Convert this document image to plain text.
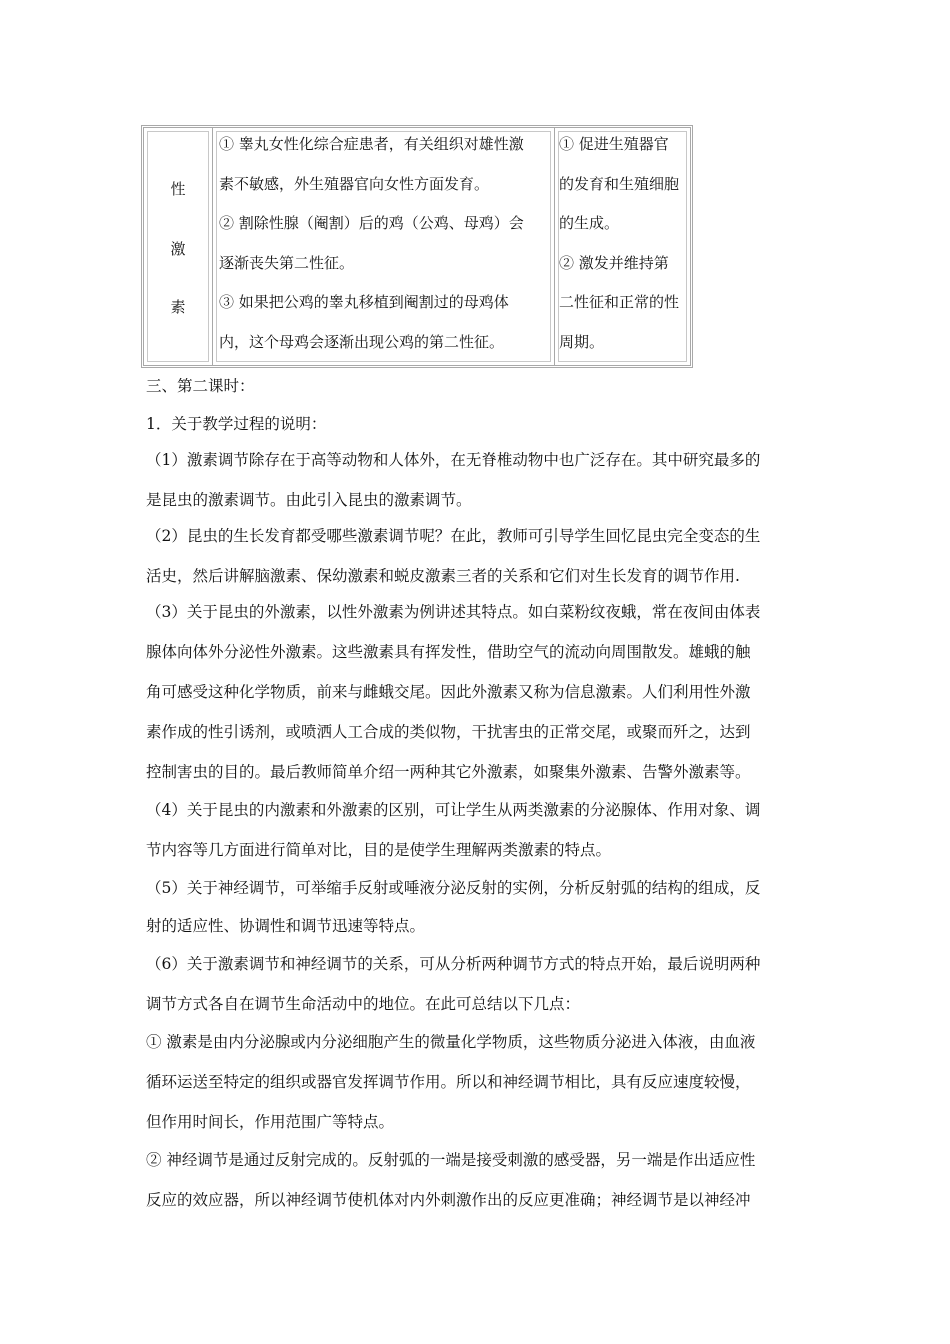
性
激
素
① 睾丸女性化综合症患者，有关组织对雄性激
素不敏感，外生殖器官向女性方面发育。
② 割除性腺（阉割）后的鸡（公鸡、母鸡）会
逐渐丧失第二性征。
③ 如果把公鸡的睾丸移植到阉割过的母鸡体
内，这个母鸡会逐渐出现公鸡的第二性征。
① 促进生殖器官
的发育和生殖细胞
的生成。
② 激发并维持第
二性征和正常的性
周期。
三、第二课时：
1．关于教学过程的说明：
（1）激素调节除存在于高等动物和人体外，在无脊椎动物中也广泛存在。其中研究最多的
是昆虫的激素调节。由此引入昆虫的激素调节。
（2）昆虫的生长发育都受哪些激素调节呢？在此，教师可引导学生回忆昆虫完全变态的生
活史，然后讲解脑激素、保幼激素和蜕皮激素三者的关系和它们对生长发育的调节作用.
（3）关于昆虫的外激素，以性外激素为例讲述其特点。如白菜粉纹夜蛾，常在夜间由体表
腺体向体外分泌性外激素。这些激素具有挥发性，借助空气的流动向周围散发。雄蛾的触
角可感受这种化学物质，前来与雌蛾交尾。因此外激素又称为信息激素。人们利用性外激
素作成的性引诱剂，或喷洒人工合成的类似物，干扰害虫的正常交尾，或聚而歼之，达到
控制害虫的目的。最后教师简单介绍一两种其它外激素，如聚集外激素、告警外激素等。
（4）关于昆虫的内激素和外激素的区别，可让学生从两类激素的分泌腺体、作用对象、调
节内容等几方面进行简单对比，目的是使学生理解两类激素的特点。
（5）关于神经调节，可举缩手反射或唾液分泌反射的实例，分析反射弧的结构的组成，反
射的适应性、协调性和调节迅速等特点。
（6）关于激素调节和神经调节的关系，可从分析两种调节方式的特点开始，最后说明两种
调节方式各自在调节生命活动中的地位。在此可总结以下几点：
① 激素是由内分泌腺或内分泌细胞产生的微量化学物质，这些物质分泌进入体液，由血液
循环运送至特定的组织或器官发挥调节作用。所以和神经调节相比，具有反应速度较慢，
但作用时间长，作用范围广等特点。
② 神经调节是通过反射完成的。反射弧的一端是接受刺激的感受器，另一端是作出适应性
反应的效应器，所以神经调节使机体对内外刺激作出的反应更准确；神经调节是以神经冲
